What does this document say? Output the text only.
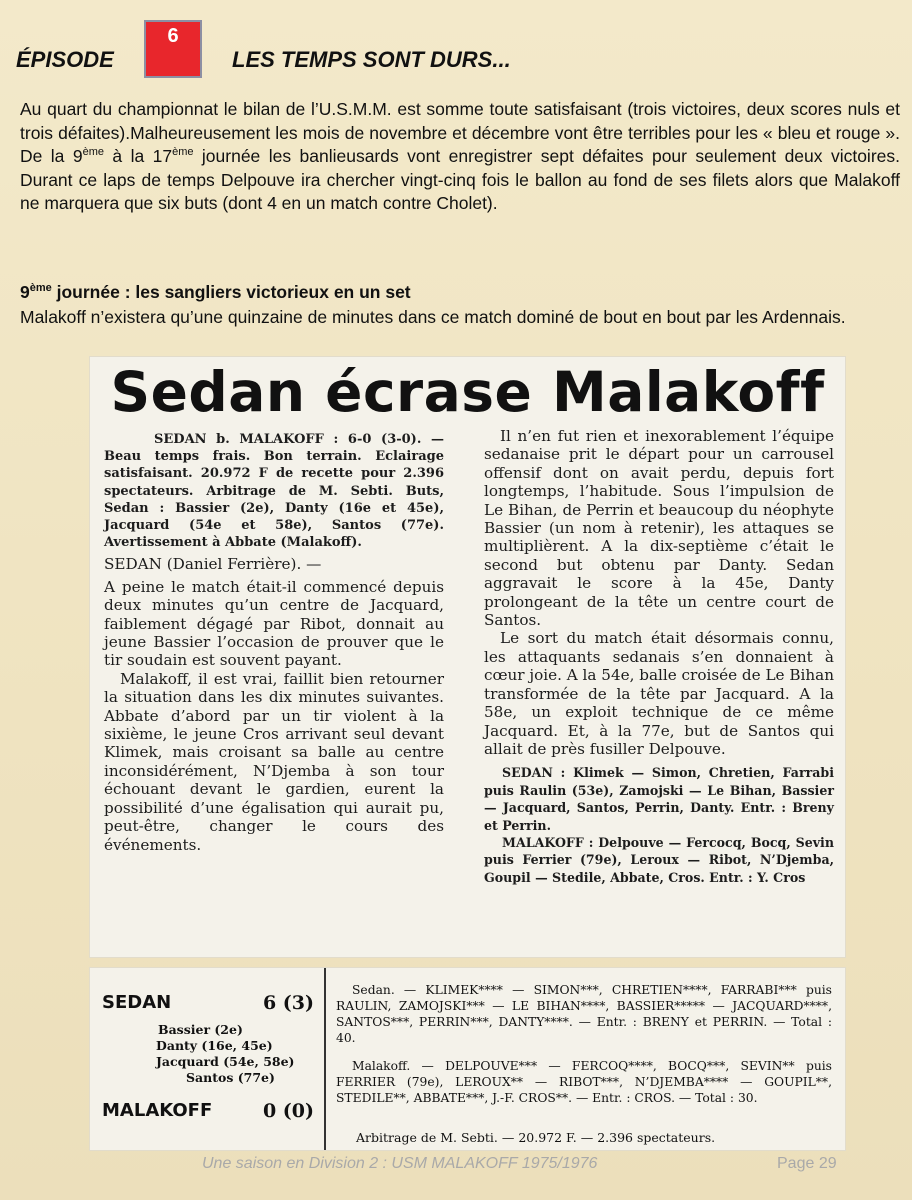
ÉPISODE
6
LES TEMPS SONT DURS...

Au quart du championnat le bilan de l’U.S.M.M. est somme toute satisfaisant (trois victoires, deux scores nuls et trois défaites).Malheureusement les mois de novembre et décembre vont être terribles pour les « bleu et rouge ». De la 9ème à la 17ème journée les banlieusards vont enregistrer sept défaites pour seulement deux victoires. Durant ce laps de temps Delpouve ira chercher vingt-cinq fois le ballon au fond de ses filets alors que Malakoff ne marquera que six buts (dont 4 en un match contre Cholet).

9ème journée : les sangliers victorieux en un set

Malakoff n’existera qu’une quinzaine de minutes dans ce match dominé de bout en bout par les Ardennais.

Sedan écrase Malakoff

SEDAN b. MALAKOFF : 6-0 (3-0). — Beau temps frais. Bon terrain. Eclairage satisfaisant. 20.972 F de recette pour 2.396 spectateurs. Arbitrage de M. Sebti. Buts, Sedan : Bassier (2e), Danty (16e et 45e), Jacquard (54e et 58e), Santos (77e). Avertissement à Abbate (Malakoff).

SEDAN (Daniel Ferrière). —

A peine le match était-il commencé depuis deux minutes qu’un centre de Jacquard, faiblement dégagé par Ribot, donnait au jeune Bassier l’occasion de prouver que le tir soudain est souvent payant.

Malakoff, il est vrai, faillit bien retourner la situation dans les dix minutes suivantes. Abbate d’abord par un tir violent à la sixième, le jeune Cros arrivant seul devant Klimek, mais croisant sa balle au centre inconsidérément, N’Djemba à son tour échouant devant le gardien, eurent la possibilité d’une égalisation qui aurait pu, peut-être, changer le cours des événements.

Il n’en fut rien et inexorablement l’équipe sedanaise prit le départ pour un carrousel offensif dont on avait perdu, depuis fort longtemps, l’habitude. Sous l’impulsion de Le Bihan, de Perrin et beaucoup du néophyte Bassier (un nom à retenir), les attaques se multiplièrent. A la dix-septième c’était le second but obtenu par Danty. Sedan aggravait le score à la 45e, Danty prolongeant de la tête un centre court de Santos.

Le sort du match était désormais connu, les attaquants sedanais s’en donnaient à cœur joie. A la 54e, balle croisée de Le Bihan transformée de la tête par Jacquard. A la 58e, un exploit technique de ce même Jacquard. Et, à la 77e, but de Santos qui allait de près fusiller Delpouve.

SEDAN : Klimek — Simon, Chretien, Farrabi puis Raulin (53e), Zamojski — Le Bihan, Bassier — Jacquard, Santos, Perrin, Danty. Entr. : Breny et Perrin.

MALAKOFF : Delpouve — Fercocq, Bocq, Sevin puis Ferrier (79e), Leroux — Ribot, N’Djemba, Goupil — Stedile, Abbate, Cros. Entr. : Y. Cros

SEDAN	6 (3)
Bassier (2e)
Danty (16e, 45e)
Jacquard (54e, 58e)
Santos (77e)
MALAKOFF	0 (0)

Sedan. — KLIMEK**** — SIMON***, CHRETIEN****, FARRABI*** puis RAULIN, ZAMOJSKI*** — LE BIHAN****, BASSIER***** — JACQUARD****, SANTOS***, PERRIN***, DANTY****. — Entr. : BRENY et PERRIN. — Total : 40.

Malakoff. — DELPOUVE*** — FERCOQ****, BOCQ***, SEVIN** puis FERRIER (79e), LEROUX** — RIBOT***, N’DJEMBA**** — GOUPIL**, STEDILE**, ABBATE***, J.-F. CROS**. — Entr. : CROS. — Total : 30.

Arbitrage de M. Sebti. — 20.972 F. — 2.396 spectateurs.
Une saison en Division 2 : USM MALAKOFF 1975/1976	Page 29
